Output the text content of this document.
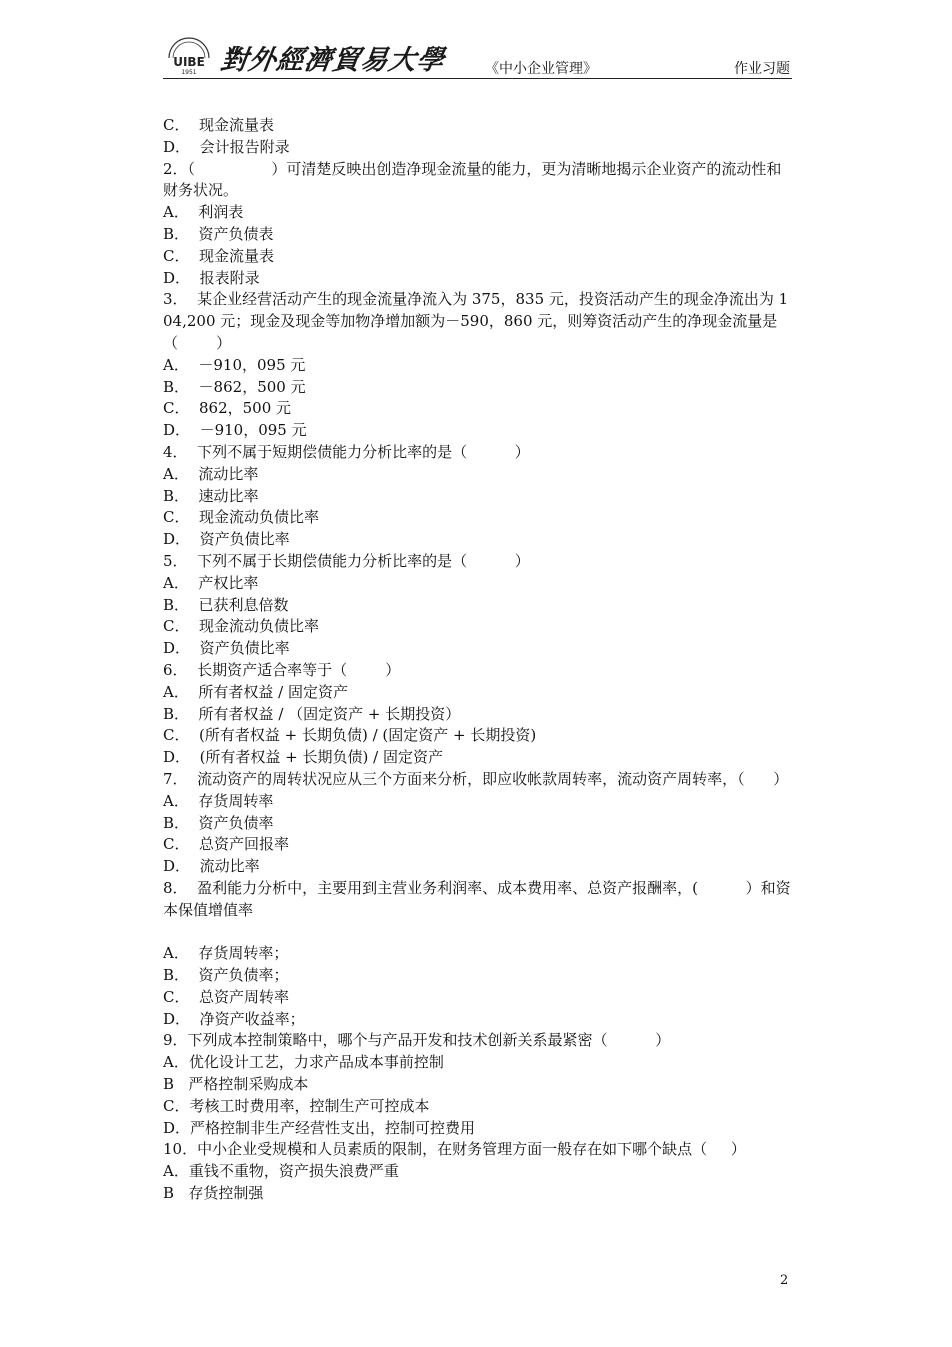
UIBE
1951 對外經濟貿易大學	《中小企业管理》	作业习题

C．  现金流量表

D．  会计报告附录

2．（                ）可清楚反映出创造净现金流量的能力，更为清晰地揭示企业资产的流动性和财务状况。

A．  利润表

B．  资产负债表

C．  现金流量表

D．  报表附录

3．  某企业经营活动产生的现金流量净流入为 375，835 元，投资活动产生的现金净流出为 104,200 元；现金及现金等加物净增加额为－590，860 元，则筹资活动产生的净现金流量是（        ）

A．  －910，095 元

B．  －862，500 元

C．  862，500 元

D．  －910，095 元

4．  下列不属于短期偿债能力分析比率的是（          ）

A．  流动比率

B．  速动比率

C．  现金流动负债比率

D．  资产负债比率

5．  下列不属于长期偿债能力分析比率的是（          ）

A．  产权比率

B．  已获利息倍数

C．  现金流动负债比率

D．  资产负债比率

6．  长期资产适合率等于（        ）

A．  所有者权益 / 固定资产

B．  所有者权益 / （固定资产 + 长期投资）

C．  (所有者权益 + 长期负债) / (固定资产 + 长期投资)

D．  (所有者权益 + 长期负债) / 固定资产

7．  流动资产的周转状况应从三个方面来分析，即应收帐款周转率，流动资产周转率，（      ）

A．  存货周转率

B．  资产负债率

C．  总资产回报率

D．  流动比率

8．  盈利能力分析中，主要用到主营业务利润率、成本费用率、总资产报酬率，(          ）和资本保值增值率

A．  存货周转率；

B．  资产负债率；

C．  总资产周转率

D．  净资产收益率；

9．下列成本控制策略中，哪个与产品开发和技术创新关系最紧密（          ）

A．优化设计工艺，力求产品成本事前控制

B   严格控制采购成本

C．考核工时费用率，控制生产可控成本

D．严格控制非生产经营性支出，控制可控费用

10．中小企业受规模和人员素质的限制，在财务管理方面一般存在如下哪个缺点（     ）

A．重钱不重物，资产损失浪费严重

B   存货控制强

2
